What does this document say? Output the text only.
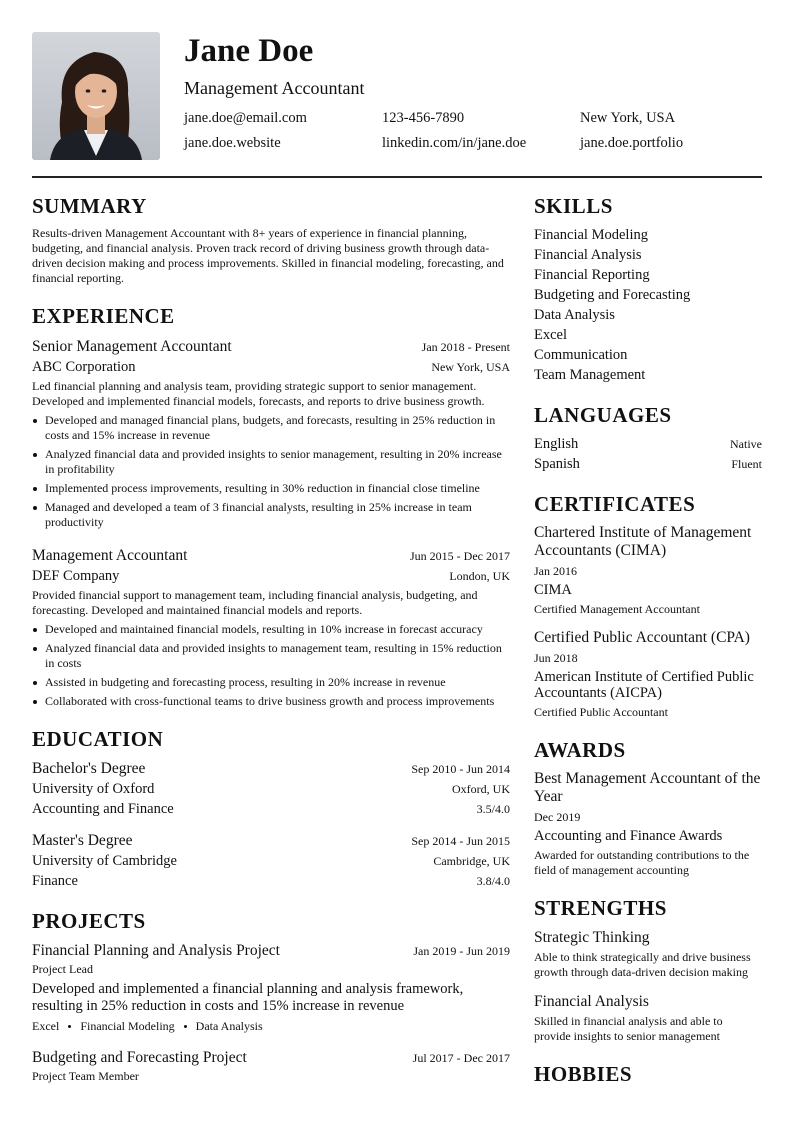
Jane Doe
Management Accountant
jane.doe@email.com	123-456-7890	New York, USA
jane.doe.website	linkedin.com/in/jane.doe	jane.doe.portfolio
SUMMARY
Results-driven Management Accountant with 8+ years of experience in financial planning, budgeting, and financial analysis. Proven track record of driving business growth through data-driven decision making and process improvements. Skilled in financial modeling, forecasting, and financial reporting.
EXPERIENCE
Senior Management Accountant	Jan 2018 - Present
ABC Corporation	New York, USA
Led financial planning and analysis team, providing strategic support to senior management. Developed and implemented financial models, forecasts, and reports to drive business growth.
Developed and managed financial plans, budgets, and forecasts, resulting in 25% reduction in costs and 15% increase in revenue
Analyzed financial data and provided insights to senior management, resulting in 20% increase in profitability
Implemented process improvements, resulting in 30% reduction in financial close timeline
Managed and developed a team of 3 financial analysts, resulting in 25% increase in team productivity
Management Accountant	Jun 2015 - Dec 2017
DEF Company	London, UK
Provided financial support to management team, including financial analysis, budgeting, and forecasting. Developed and maintained financial models and reports.
Developed and maintained financial models, resulting in 10% increase in forecast accuracy
Analyzed financial data and provided insights to management team, resulting in 15% reduction in costs
Assisted in budgeting and forecasting process, resulting in 20% increase in revenue
Collaborated with cross-functional teams to drive business growth and process improvements
EDUCATION
Bachelor's Degree	Sep 2010 - Jun 2014
University of Oxford	Oxford, UK
Accounting and Finance	3.5/4.0
Master's Degree	Sep 2014 - Jun 2015
University of Cambridge	Cambridge, UK
Finance	3.8/4.0
PROJECTS
Financial Planning and Analysis Project	Jan 2019 - Jun 2019
Project Lead
Developed and implemented a financial planning and analysis framework, resulting in 25% reduction in costs and 15% increase in revenue
Excel Financial Modeling Data Analysis
Budgeting and Forecasting Project	Jul 2017 - Dec 2017
Project Team Member
SKILLS
Financial Modeling
Financial Analysis
Financial Reporting
Budgeting and Forecasting
Data Analysis
Excel
Communication
Team Management
LANGUAGES
English	Native
Spanish	Fluent
CERTIFICATES
Chartered Institute of Management Accountants (CIMA)
Jan 2016
CIMA
Certified Management Accountant
Certified Public Accountant (CPA)
Jun 2018
American Institute of Certified Public Accountants (AICPA)
Certified Public Accountant
AWARDS
Best Management Accountant of the Year
Dec 2019
Accounting and Finance Awards
Awarded for outstanding contributions to the field of management accounting
STRENGTHS
Strategic Thinking
Able to think strategically and drive business growth through data-driven decision making
Financial Analysis
Skilled in financial analysis and able to provide insights to senior management
HOBBIES
